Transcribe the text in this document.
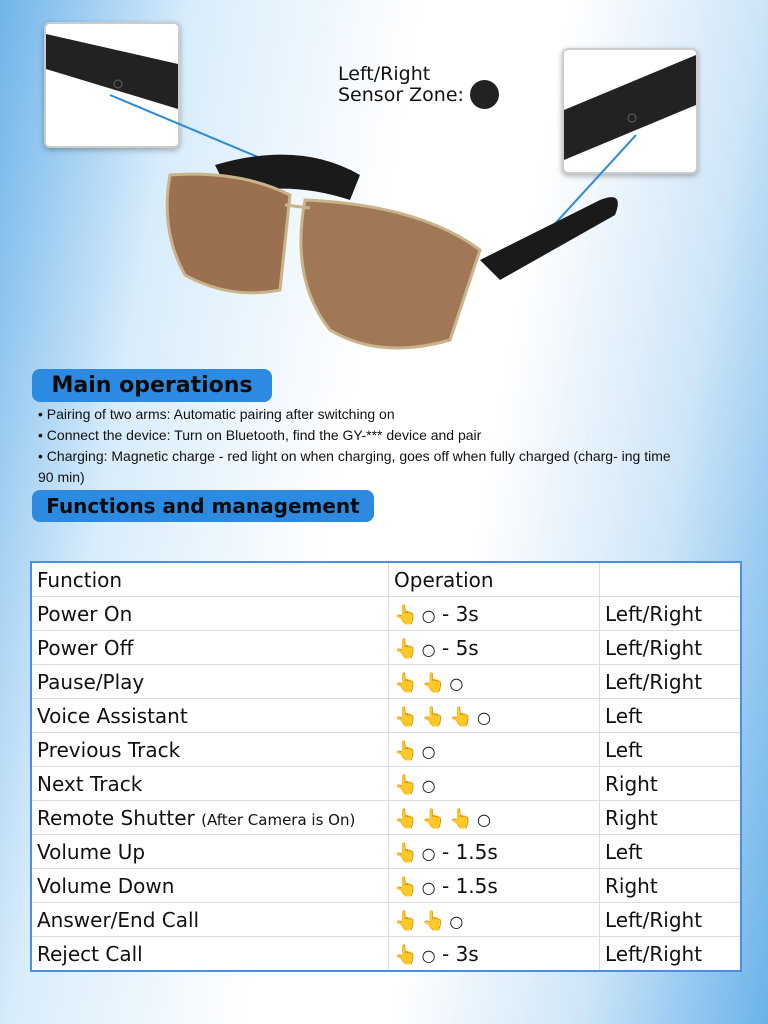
Left/Right
Sensor Zone:
Main operations
• Pairing of two arms: Automatic pairing after switching on
• Connect the device: Turn on Bluetooth, find the GY-*** device and pair
• Charging: Magnetic charge - red light on when charging, goes off when fully charged (charg- ing time 90 min)
Functions and management
Function	Operation	
Power On	👆 ○ - 3s	Left/Right
Power Off	👆 ○ - 5s	Left/Right
Pause/Play	👆 👆 ○	Left/Right
Voice Assistant	👆 👆 👆 ○	Left
Previous Track	👆 ○	Left
Next Track	👆 ○	Right
Remote Shutter (After Camera is On)	👆 👆 👆 ○	Right
Volume Up	👆 ○ - 1.5s	Left
Volume Down	👆 ○ - 1.5s	Right
Answer/End Call	👆 👆 ○	Left/Right
Reject Call	👆 ○ - 3s	Left/Right
